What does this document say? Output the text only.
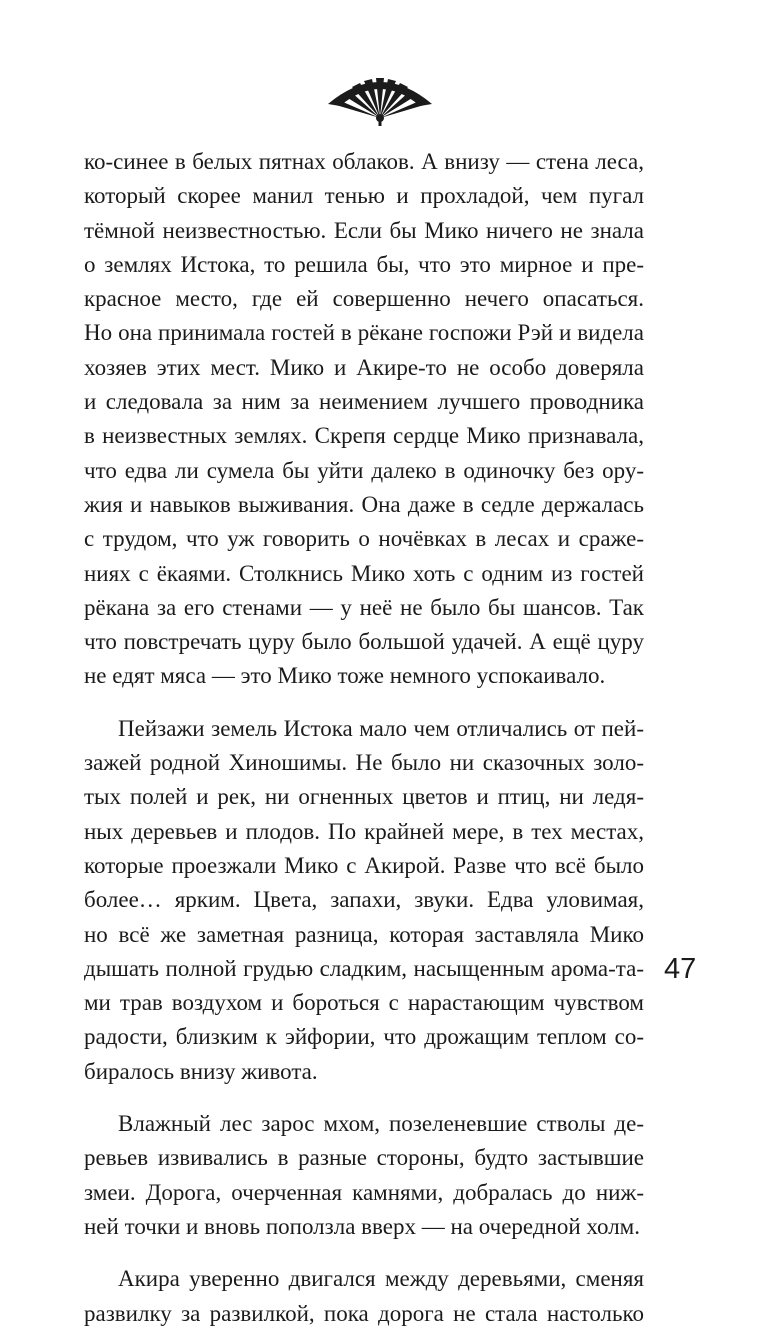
ко-синее в белых пятнах облаков. А внизу — стена леса,
который скорее манил тенью и прохладой, чем пугал
тёмной неизвестностью. Если бы Мико ничего не знала
о землях Истока, то решила бы, что это мирное и пре-
красное место, где ей совершенно нечего опасаться.
Но она принимала гостей в рёкане госпожи Рэй и видела
хозяев этих мест. Мико и Акире-то не особо доверяла
и следовала за ним за неимением лучшего проводника
в неизвестных землях. Скрепя сердце Мико признавала,
что едва ли сумела бы уйти далеко в одиночку без ору-
жия и навыков выживания. Она даже в седле держалась
с трудом, что уж говорить о ночёвках в лесах и сраже-
ниях с ёкаями. Столкнись Мико хоть с одним из гостей
рёкана за его стенами — у неё не было бы шансов. Так
что повстречать цуру было большой удачей. А ещё цуру
не едят мяса — это Мико тоже немного успокаивало.
Пейзажи земель Истока мало чем отличались от пей-
зажей родной Хиношимы. Не было ни сказочных золо-
тых полей и рек, ни огненных цветов и птиц, ни ледя-
ных деревьев и плодов. По крайней мере, в тех местах,
которые проезжали Мико с Акирой. Разве что всё было
более… ярким. Цвета, запахи, звуки. Едва уловимая,
но всё же заметная разница, которая заставляла Мико
дышать полной грудью сладким, насыщенным арома-та-
ми трав воздухом и бороться с нарастающим чувством
радости, близким к эйфории, что дрожащим теплом со-
биралось внизу живота.
Влажный лес зарос мхом, позеленевшие стволы де-
ревьев извивались в разные стороны, будто застывшие
змеи. Дорога, очерченная камнями, добралась до ниж-
ней точки и вновь поползла вверх — на очередной холм.
Акира уверенно двигался между деревьями, сменяя
развилку за развилкой, пока дорога не стала настолько
47
